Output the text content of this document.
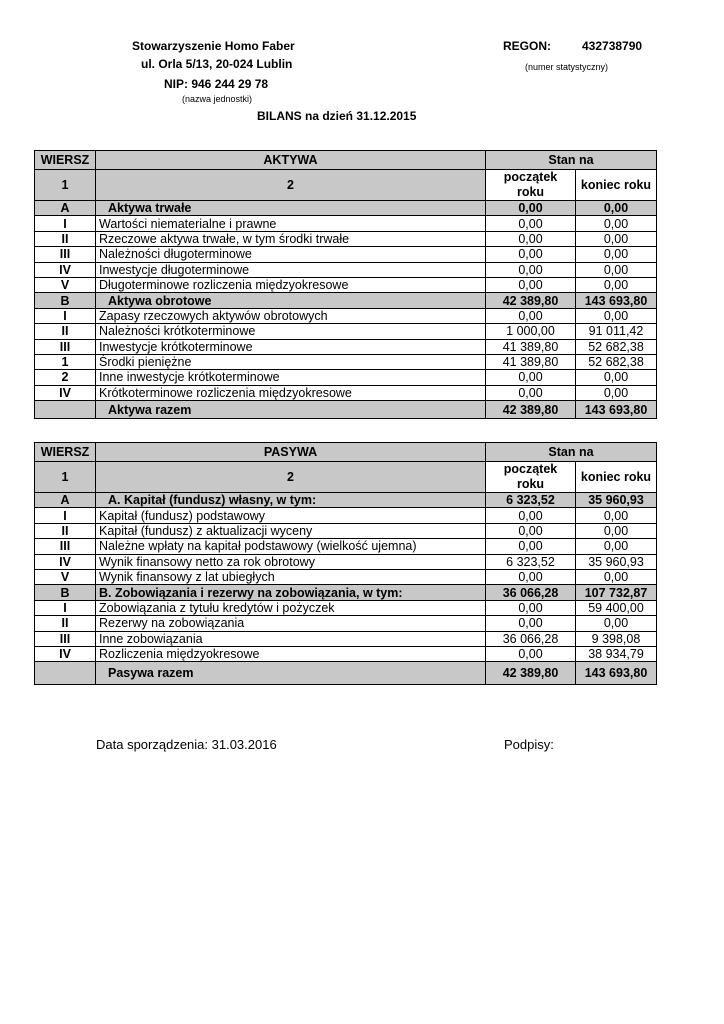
Stowarzyszenie Homo Faber
ul. Orla 5/13, 20-024 Lublin
NIP: 946 244 29 78
(nazwa jednostki)
REGON:	432738790
(numer statystyczny)
BILANS na dzień 31.12.2015
WIERSZ	AKTYWA	Stan na	
		początek roku	koniec roku
1	2		
A	Aktywa trwałe	0,00	0,00
I	Wartości niematerialne i prawne	0,00	0,00
II	Rzeczowe aktywa trwałe, w tym środki trwałe	0,00	0,00
III	Należności długoterminowe	0,00	0,00
IV	Inwestycje długoterminowe	0,00	0,00
V	Długoterminowe rozliczenia międzyokresowe	0,00	0,00
B	Aktywa obrotowe	42 389,80	143 693,80
I	Zapasy rzeczowych aktywów obrotowych	0,00	0,00
II	Należności krótkoterminowe	1 000,00	91 011,42
III	Inwestycje krótkoterminowe	41 389,80	52 682,38
1	Środki pieniężne	41 389,80	52 682,38
2	Inne inwestycje krótkoterminowe	0,00	0,00
IV	Krótkoterminowe rozliczenia międzyokresowe	0,00	0,00
	Aktywa razem	42 389,80	143 693,80
WIERSZ	PASYWA	Stan na	
		początek roku	koniec roku
1	2		
A	A. Kapitał (fundusz) własny, w tym:	6 323,52	35 960,93
I	Kapitał (fundusz) podstawowy	0,00	0,00
II	Kapitał (fundusz) z aktualizacji wyceny	0,00	0,00
III	Należne wpłaty na kapitał podstawowy (wielkość ujemna)	0,00	0,00
IV	Wynik finansowy netto za rok obrotowy	6 323,52	35 960,93
V	Wynik finansowy z lat ubiegłych	0,00	0,00
B	B. Zobowiązania i rezerwy na zobowiązania, w tym:	36 066,28	107 732,87
I	Zobowiązania z tytułu kredytów i pożyczek	0,00	59 400,00
II	Rezerwy na zobowiązania	0,00	0,00
III	Inne zobowiązania	36 066,28	9 398,08
IV	Rozliczenia międzyokresowe	0,00	38 934,79
	Pasywa razem	42 389,80	143 693,80
Data sporządzenia: 31.03.2016	Podpisy:
